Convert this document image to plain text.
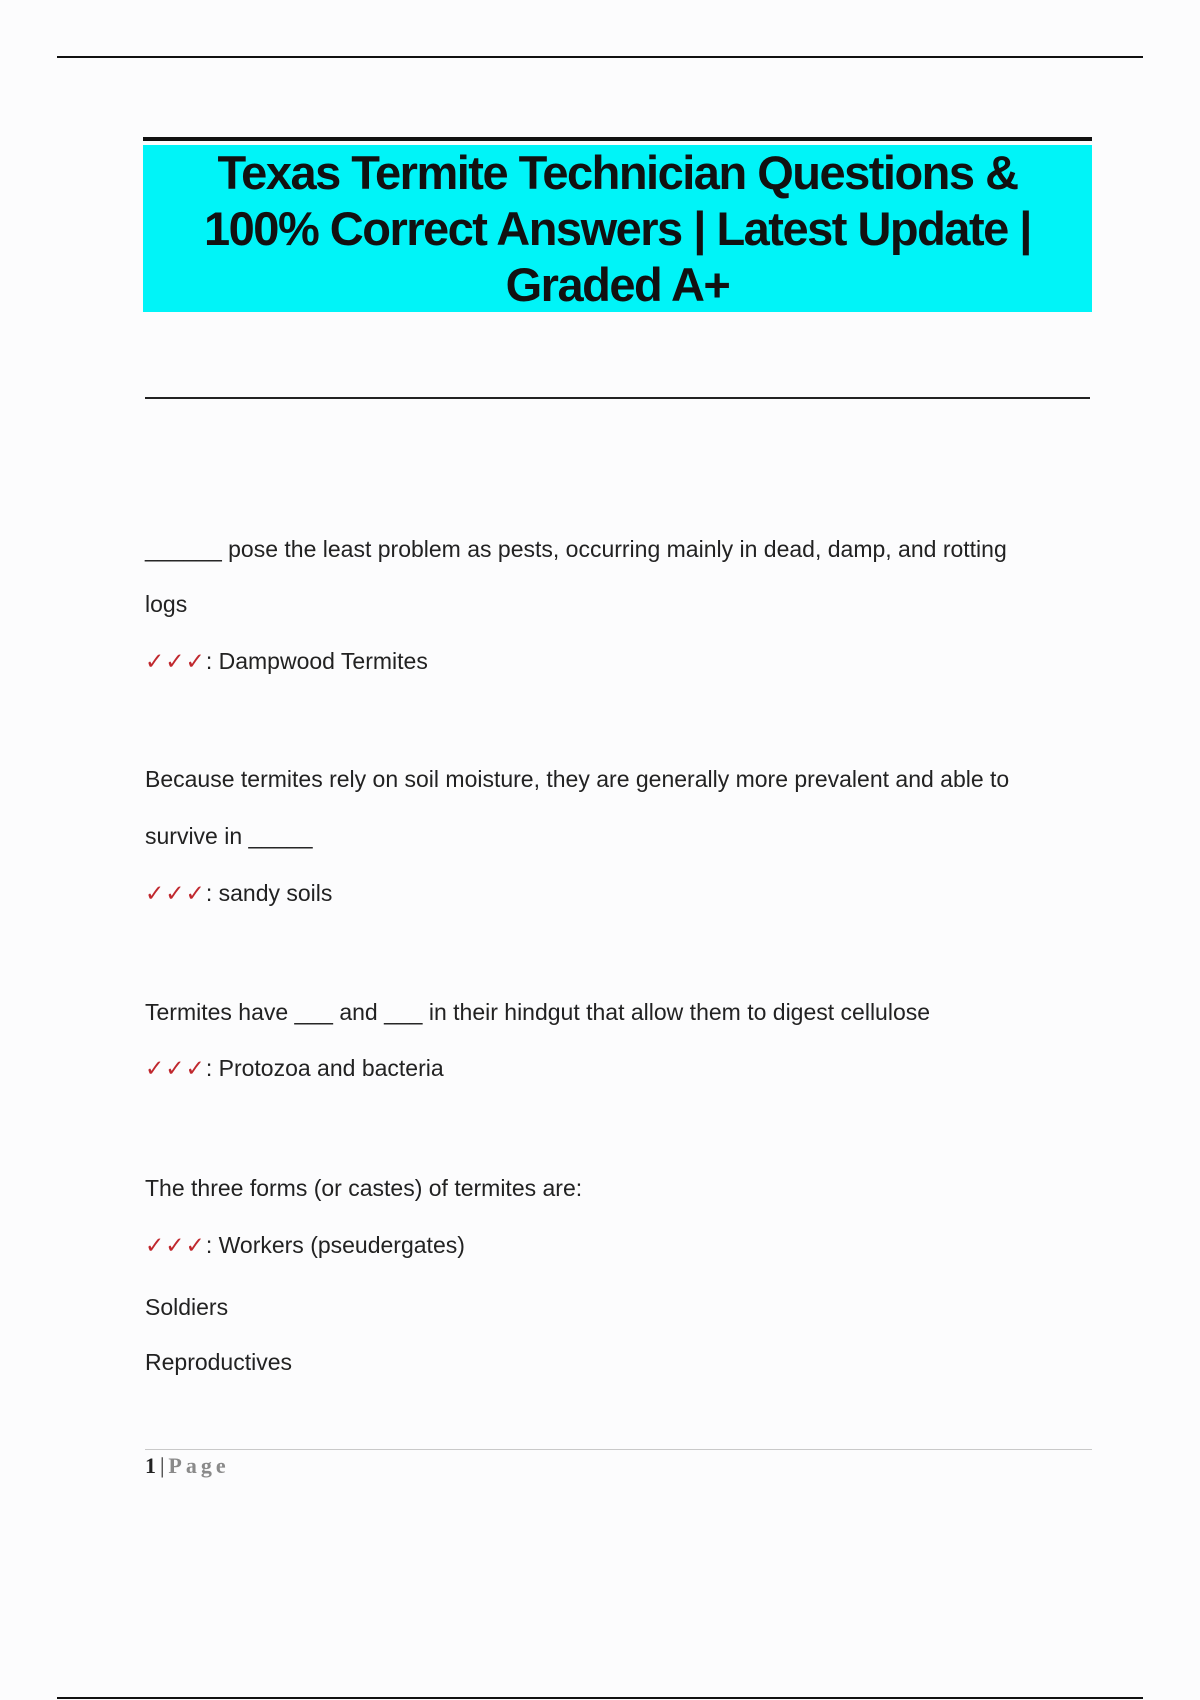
Texas Termite Technician Questions & 100% Correct Answers | Latest Update | Graded A+
______ pose the least problem as pests, occurring mainly in dead, damp, and rotting
logs
✓✓✓: Dampwood Termites
Because termites rely on soil moisture, they are generally more prevalent and able to
survive in _____
✓✓✓: sandy soils
Termites have ___ and ___ in their hindgut that allow them to digest cellulose
✓✓✓: Protozoa and bacteria
The three forms (or castes) of termites are:
✓✓✓: Workers (pseudergates)
Soldiers
Reproductives
1 | Page
